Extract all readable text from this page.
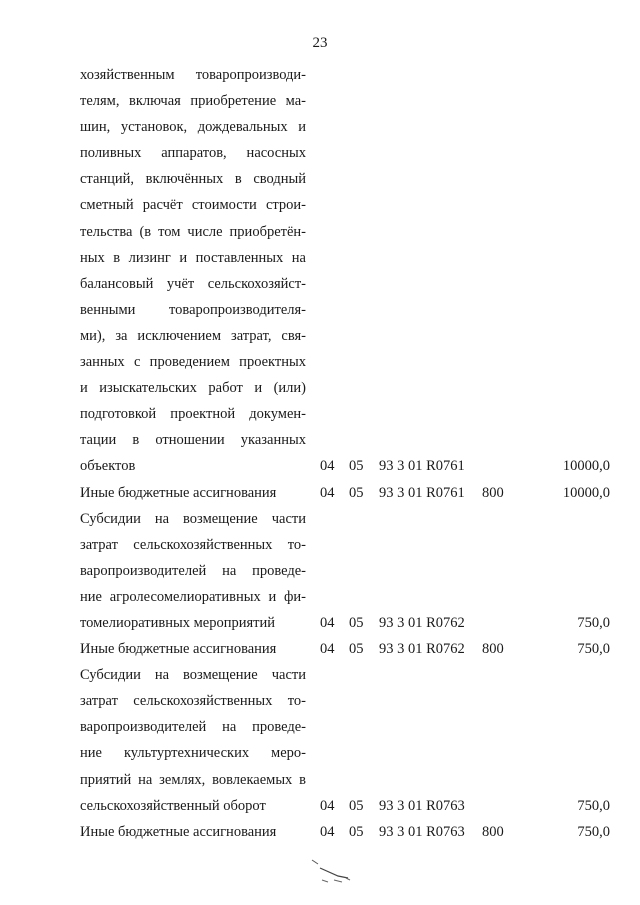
23
хозяйственным товаропроизводи-
телям, включая приобретение ма-
шин, установок, дождевальных и
поливных аппаратов, насосных
станций, включённых в сводный
сметный расчёт стоимости строи-
тельства (в том числе приобретён-
ных в лизинг и поставленных на
балансовый учёт сельскохозяйст-
венными товаропроизводителя-
ми), за исключением затрат, свя-
занных с проведением проектных
и изыскательских работ и (или)
подготовкой проектной докумен-
тации в отношении указанных
объектов	04 05 93 3 01 R0761	10000,0
Иные бюджетные ассигнования	04 05 93 3 01 R0761 800	10000,0
Субсидии на возмещение части
затрат сельскохозяйственных то-
варопроизводителей на проведе-
ние агролесомелиоративных и фи-
томелиоративных мероприятий	04 05 93 3 01 R0762	750,0
Иные бюджетные ассигнования	04 05 93 3 01 R0762 800	750,0
Субсидии на возмещение части
затрат сельскохозяйственных то-
варопроизводителей на проведе-
ние культуртехнических меро-
приятий на землях, вовлекаемых в
сельскохозяйственный оборот	04 05 93 3 01 R0763	750,0
Иные бюджетные ассигнования	04 05 93 3 01 R0763 800	750,0
